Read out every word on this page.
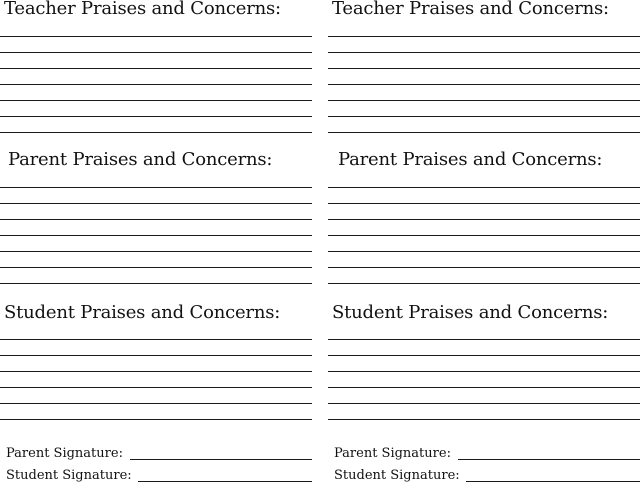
Teacher Praises and Concerns:
Parent Praises and Concerns:
Student Praises and Concerns:
Parent Signature:
Student Signature:
Teacher Praises and Concerns:
Parent Praises and Concerns:
Student Praises and Concerns:
Parent Signature:
Student Signature:
